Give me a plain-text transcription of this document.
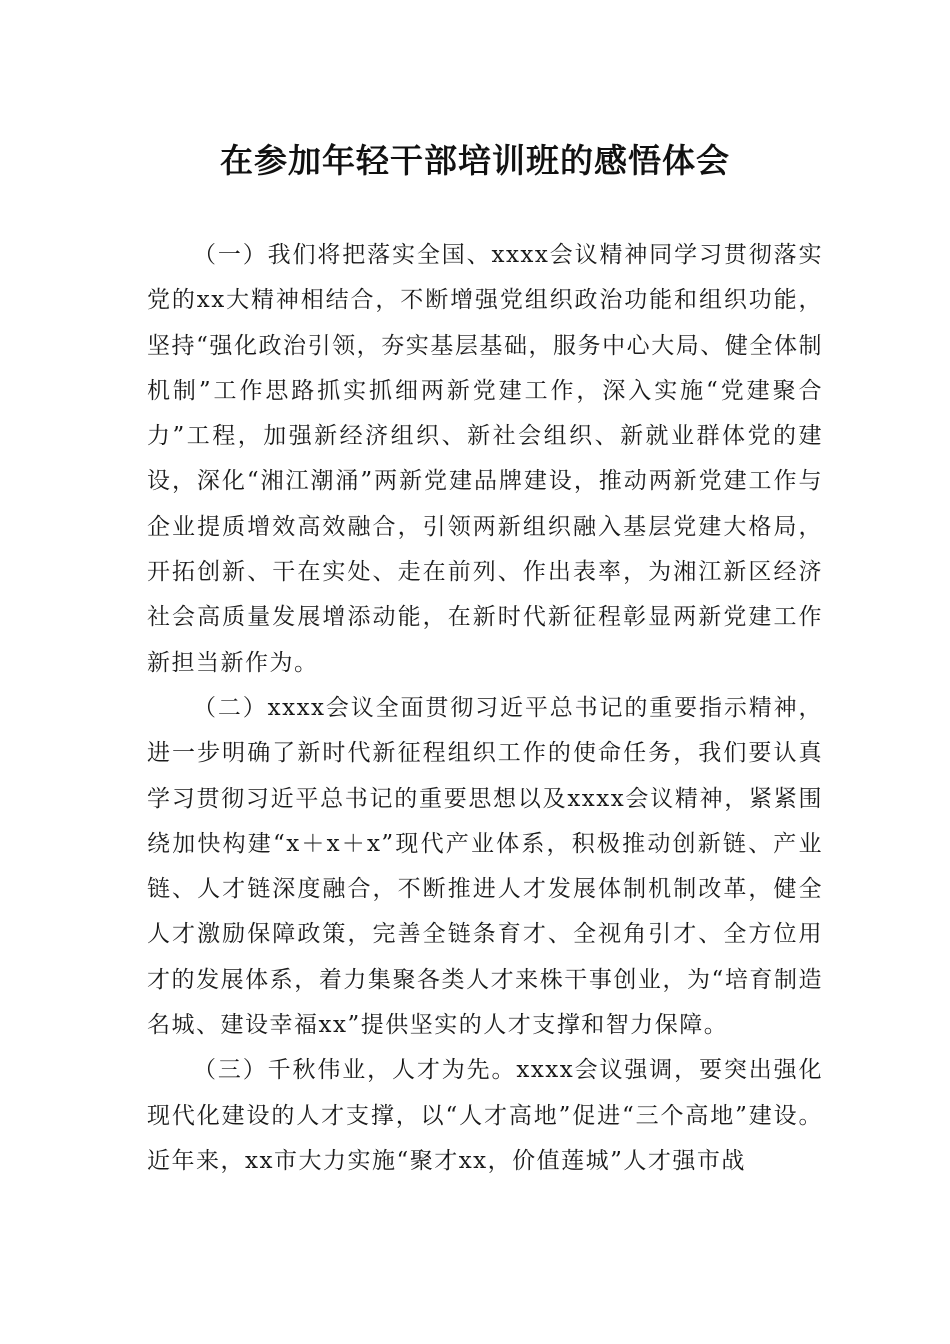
在参加年轻干部培训班的感悟体会

（一）我们将把落实全国、xxxx会议精神同学习贯彻落实党的xx大精神相结合，不断增强党组织政治功能和组织功能，坚持“强化政治引领，夯实基层基础，服务中心大局、健全体制机制”工作思路抓实抓细两新党建工作，深入实施“党建聚合力”工程，加强新经济组织、新社会组织、新就业群体党的建设，深化“湘江潮涌”两新党建品牌建设，推动两新党建工作与企业提质增效高效融合，引领两新组织融入基层党建大格局，开拓创新、干在实处、走在前列、作出表率，为湘江新区经济社会高质量发展增添动能，在新时代新征程彰显两新党建工作新担当新作为。

（二）xxxx会议全面贯彻习近平总书记的重要指示精神，进一步明确了新时代新征程组织工作的使命任务，我们要认真学习贯彻习近平总书记的重要思想以及xxxx会议精神，紧紧围绕加快构建“x＋x＋x”现代产业体系，积极推动创新链、产业链、人才链深度融合，不断推进人才发展体制机制改革，健全人才激励保障政策，完善全链条育才、全视角引才、全方位用才的发展体系，着力集聚各类人才来株干事创业，为“培育制造名城、建设幸福xx”提供坚实的人才支撑和智力保障。

（三）千秋伟业，人才为先。xxxx会议强调，要突出强化现代化建设的人才支撑，以“人才高地”促进“三个高地”建设。近年来，xx市大力实施“聚才xx，价值莲城”人才强市战
